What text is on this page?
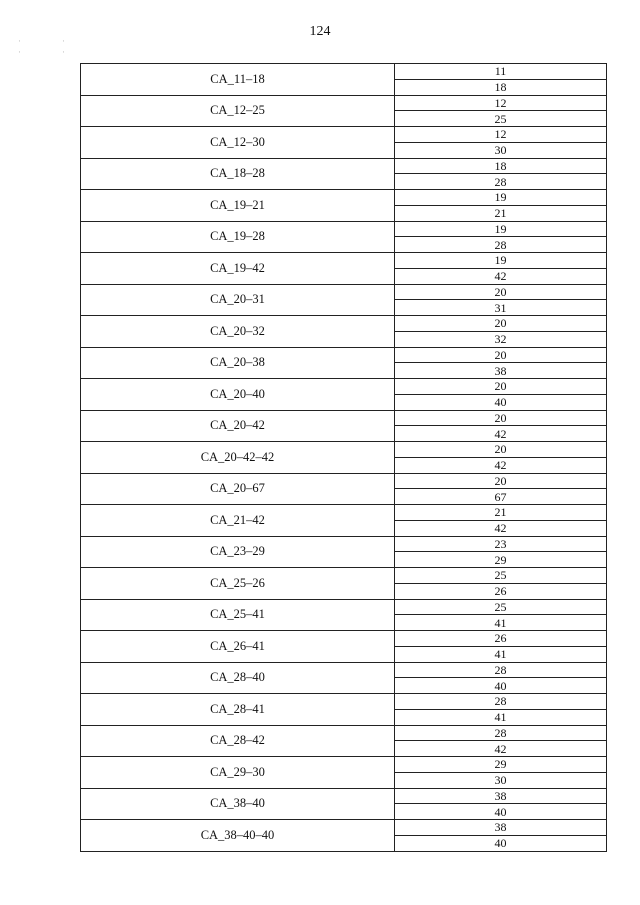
124
·
·
·
·
CA_11–18
11
18
CA_12–25
12
25
CA_12–30
12
30
CA_18–28
18
28
CA_19–21
19
21
CA_19–28
19
28
CA_19–42
19
42
CA_20–31
20
31
CA_20–32
20
32
CA_20–38
20
38
CA_20–40
20
40
CA_20–42
20
42
CA_20–42–42
20
42
CA_20–67
20
67
CA_21–42
21
42
CA_23–29
23
29
CA_25–26
25
26
CA_25–41
25
41
CA_26–41
26
41
CA_28–40
28
40
CA_28–41
28
41
CA_28–42
28
42
CA_29–30
29
30
CA_38–40
38
40
CA_38–40–40
38
40
